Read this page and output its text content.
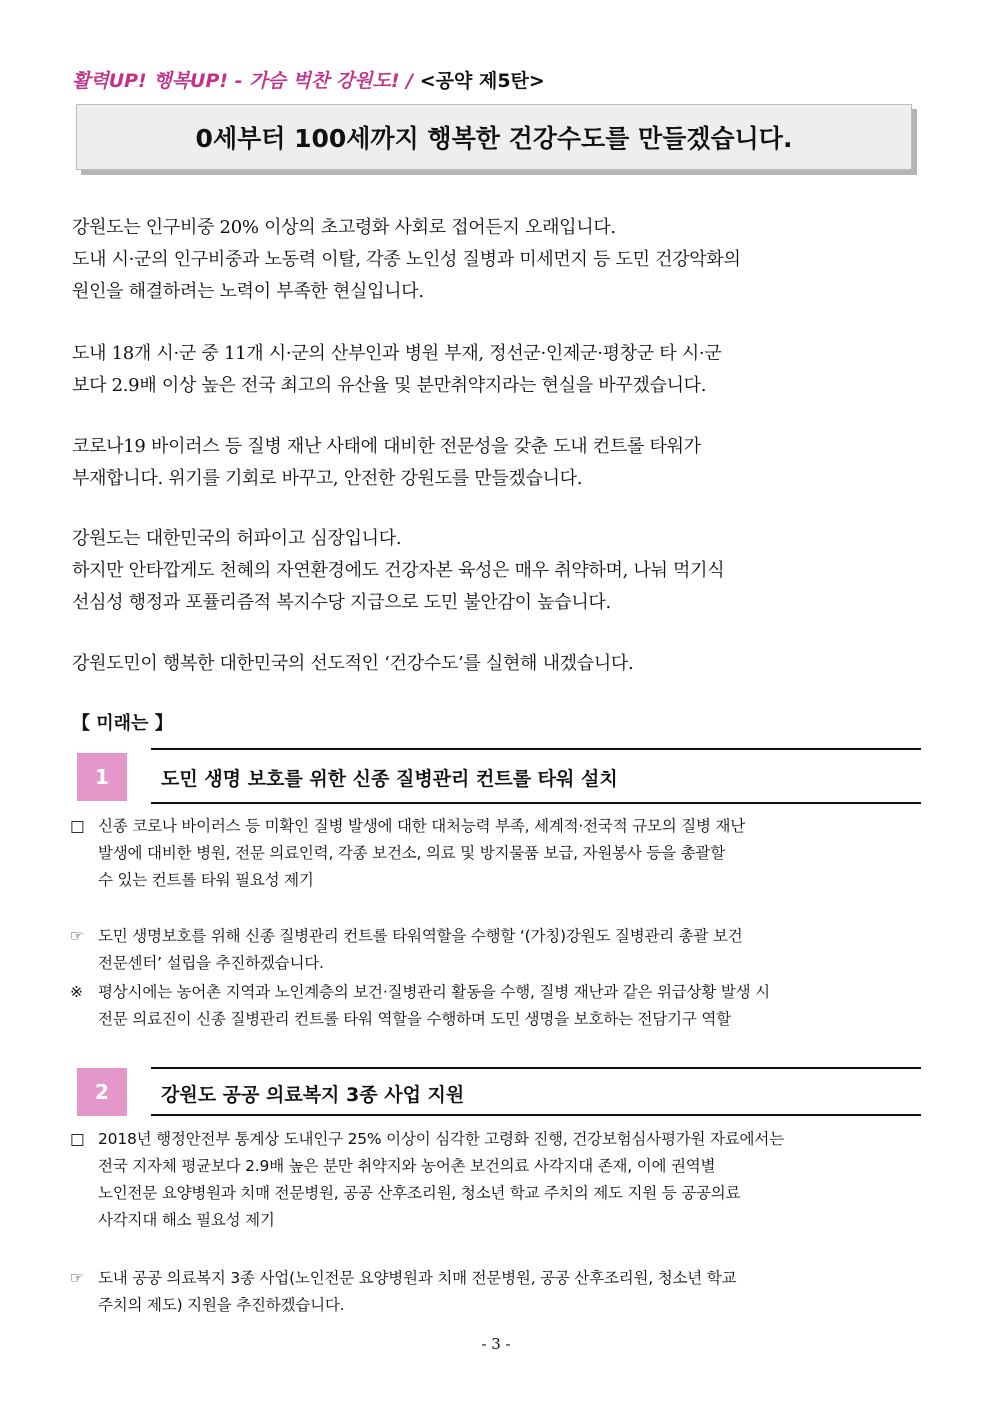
활력UP! 행복UP! - 가슴 벅찬 강원도! / <공약 제5탄>
0세부터 100세까지 행복한 건강수도를 만들겠습니다.
강원도는 인구비중 20% 이상의 초고령화 사회로 접어든지 오래입니다.
도내 시·군의 인구비중과 노동력 이탈, 각종 노인성 질병과 미세먼지 등 도민 건강악화의
원인을 해결하려는 노력이 부족한 현실입니다.
도내 18개 시·군 중 11개 시·군의 산부인과 병원 부재, 정선군·인제군·평창군 타 시·군
보다 2.9배 이상 높은 전국 최고의 유산율 및 분만취약지라는 현실을 바꾸겠습니다.
코로나19 바이러스 등 질병 재난 사태에 대비한 전문성을 갖춘 도내 컨트롤 타워가
부재합니다. 위기를 기회로 바꾸고, 안전한 강원도를 만들겠습니다.
강원도는 대한민국의 허파이고 심장입니다.
하지만 안타깝게도 천혜의 자연환경에도 건강자본 육성은 매우 취약하며, 나눠 먹기식
선심성 행정과 포퓰리즘적 복지수당 지급으로 도민 불안감이 높습니다.
강원도민이 행복한 대한민국의 선도적인 ‘건강수도’를 실현해 내겠습니다.
【 미래는 】
1	도민 생명 보호를 위한 신종 질병관리 컨트롤 타워 설치
□ 신종 코로나 바이러스 등 미확인 질병 발생에 대한 대처능력 부족, 세계적·전국적 규모의 질병 재난
발생에 대비한 병원, 전문 의료인력, 각종 보건소, 의료 및 방지물품 보급, 자원봉사 등을 총괄할
수 있는 컨트롤 타워 필요성 제기
☞ 도민 생명보호를 위해 신종 질병관리 컨트롤 타워역할을 수행할 ‘(가칭)강원도 질병관리 총괄 보건
전문센터’ 설립을 추진하겠습니다.
※ 평상시에는 농어촌 지역과 노인계층의 보건·질병관리 활동을 수행, 질병 재난과 같은 위급상황 발생 시
전문 의료진이 신종 질병관리 컨트롤 타워 역할을 수행하며 도민 생명을 보호하는 전담기구 역할
2	강원도 공공 의료복지 3종 사업 지원
□ 2018년 행정안전부 통계상 도내인구 25% 이상이 심각한 고령화 진행, 건강보험심사평가원 자료에서는
전국 지자체 평균보다 2.9배 높은 분만 취약지와 농어촌 보건의료 사각지대 존재, 이에 권역별
노인전문 요양병원과 치매 전문병원, 공공 산후조리원, 청소년 학교 주치의 제도 지원 등 공공의료
사각지대 해소 필요성 제기
☞ 도내 공공 의료복지 3종 사업(노인전문 요양병원과 치매 전문병원, 공공 산후조리원, 청소년 학교
주치의 제도) 지원을 추진하겠습니다.
- 3 -
